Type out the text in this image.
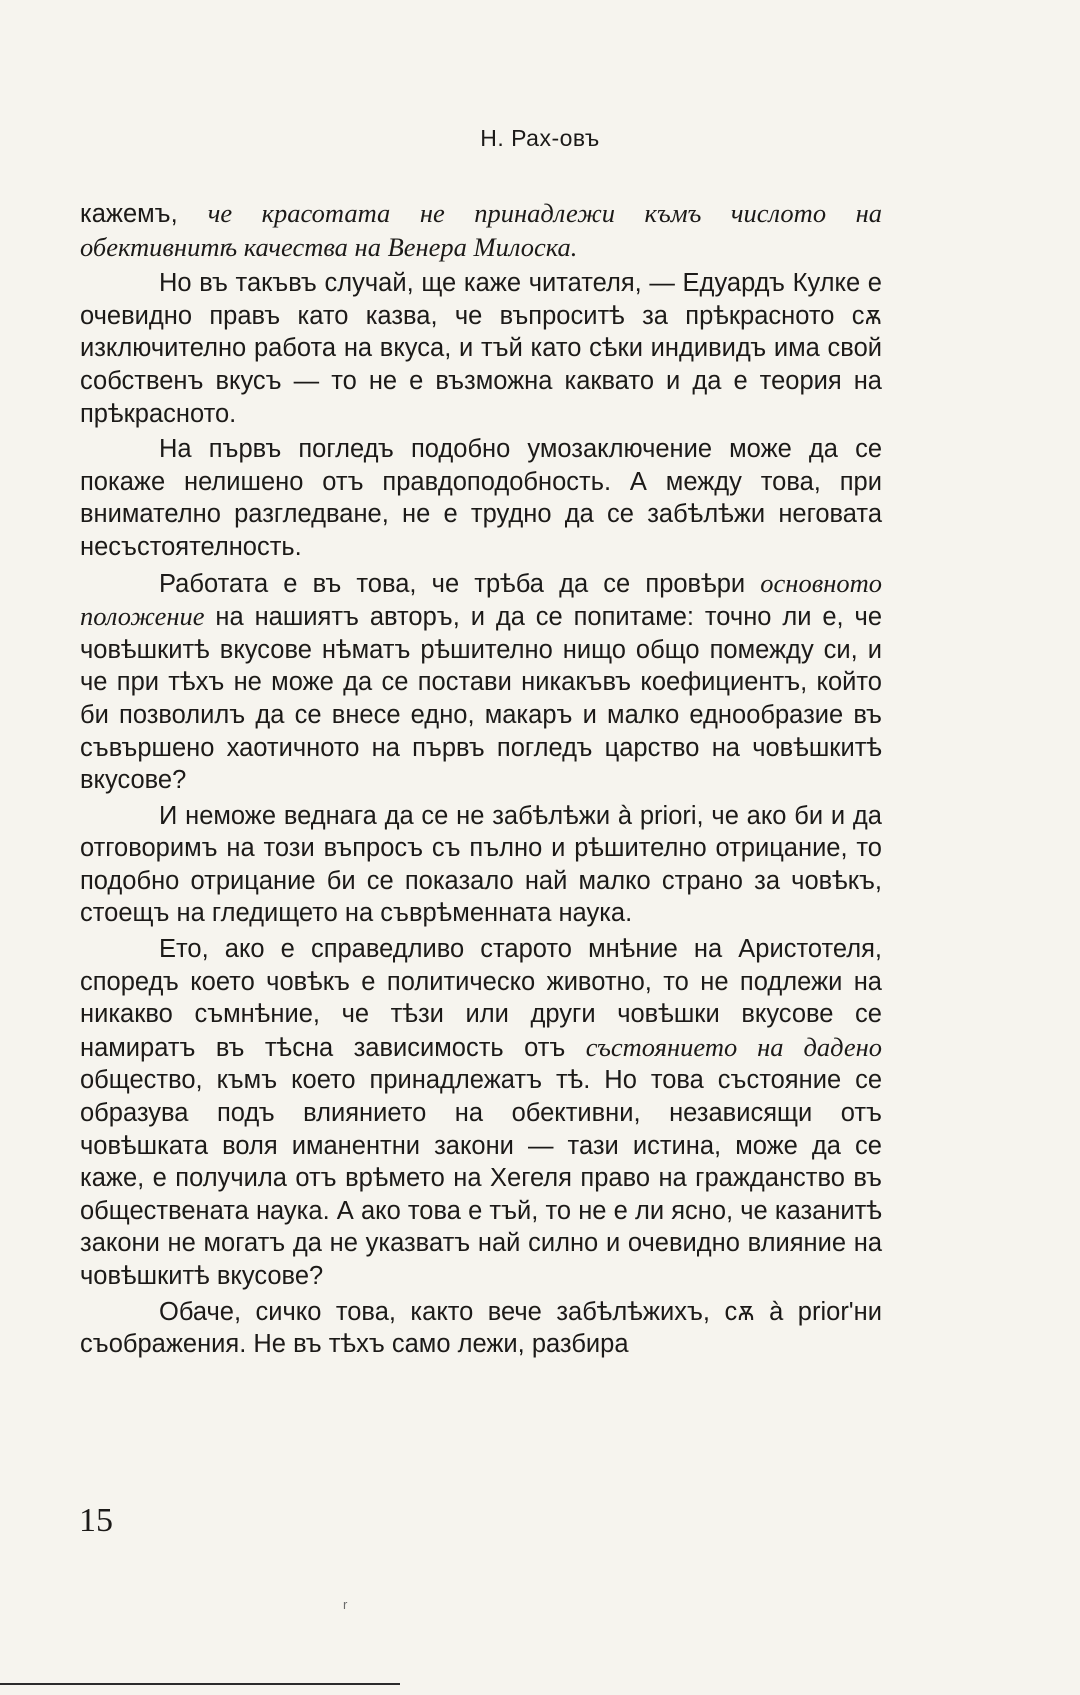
Н. Рах-овъ

кажемъ, че красотата не принадлежи къмъ числото на обективнитѣ качества на Венера Милоска.

Но въ такъвъ случай, ще каже читателя, — Едуардъ Кулке е очевидно правъ като казва, че въпроситѣ за прѣкрасното сѫ изключително работа на вкуса, и тъй като сѣки индивидъ има свой собственъ вкусъ — то не е възможна каквато и да е теория на прѣкрасното.

На първъ погледъ подобно умозаключение може да се покаже нелишено отъ правдоподобность. А между това, при внимателно разгледване, не е трудно да се забѣлѣжи неговата несъстоятелность.

Работата е въ това, че трѣба да се провѣри основното положение на нашиятъ авторъ, и да се попитаме: точно ли е, че човѣшкитѣ вкусове нѣматъ рѣшително нищо общо помежду си, и че при тѣхъ не може да се постави никакъвъ коефициентъ, който би позволилъ да се внесе едно, макаръ и малко еднообразие въ съвършено хаотичното на първъ погледъ царство на човѣшкитѣ вкусове?

И неможе веднага да се не забѣлѣжи à priori, че ако би и да отговоримъ на този въпросъ съ пълно и рѣшително отрицание, то подобно отрицание би се показало най малко страно за човѣкъ, стоещъ на гледището на съврѣменната наука.

Ето, ако е справедливо старото мнѣние на Аристотеля, споредъ което човѣкъ е политическо животно, то не подлежи на никакво съмнѣние, че тѣзи или други човѣшки вкусове се намиратъ въ тѣсна зависимость отъ състоянието на дадено общество, къмъ което принадлежатъ тѣ. Но това състояние се образува подъ влиянието на обективни, независящи отъ човѣшката воля иманентни закони — тази истина, може да се каже, е получила отъ врѣмето на Хегеля право на гражданство въ обществената наука. А ако това е тъй, то не е ли ясно, че казанитѣ закони не могатъ да не указватъ най силно и очевидно влияние на човѣшкитѣ вкусове?

Обаче, сичко това, както вече забѣлѣжихъ, сѫ à prior'ни съображения. Не въ тѣхъ само лежи, разбира

15
r
